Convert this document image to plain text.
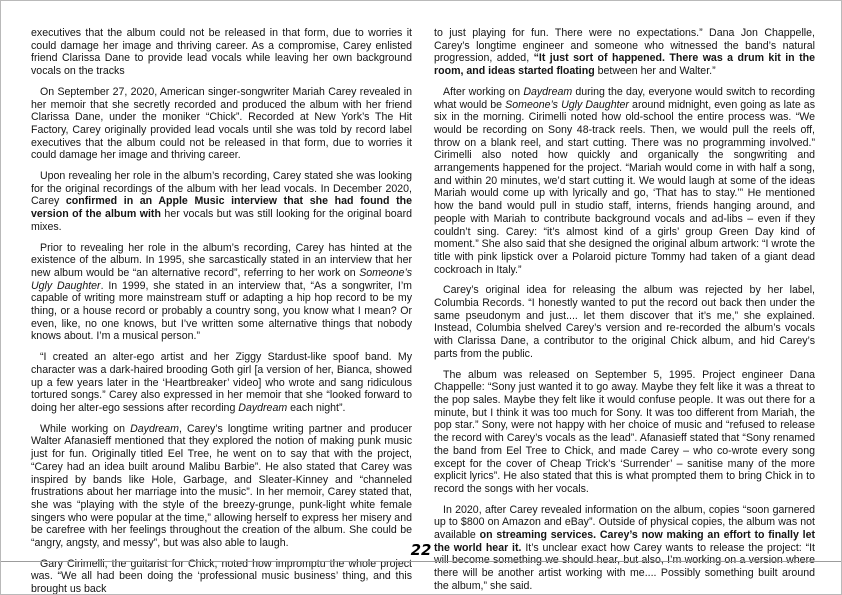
executives that the album could not be released in that form, due to worries it could damage her image and thriving career. As a compromise, Carey enlisted friend Clarissa Dane to provide lead vocals while leaving her own background vocals on the tracks

On September 27, 2020, American singer-songwriter Mariah Carey revealed in her memoir that she secretly recorded and produced the album with her friend Clarissa Dane, under the moniker “Chick”. Recorded at New York’s The Hit Factory, Carey originally provided lead vocals until she was told by record label executives that the album could not be released in that form, due to worries it could damage her image and thriving career.

Upon revealing her role in the album’s recording, Carey stated she was looking for the original recordings of the album with her lead vocals. In December 2020, Carey confirmed in an Apple Music interview that she had found the version of the album with her vocals but was still looking for the original board mixes.

Prior to revealing her role in the album’s recording, Carey has hinted at the existence of the album. In 1995, she sarcastically stated in an interview that her new album would be “an alternative record”, referring to her work on Someone’s Ugly Daughter. In 1999, she stated in an interview that, “As a songwriter, I’m capable of writing more mainstream stuff or adapting a hip hop record to be my thing, or a house record or probably a country song, you know what I mean? Or even, like, no one knows, but I’ve written some alternative things that nobody knows about. I’m a musical person.”

“I created an alter-ego artist and her Ziggy Stardust-like spoof band. My character was a dark-haired brooding Goth girl [a version of her, Bianca, showed up a few years later in the ‘Heartbreaker’ video] who wrote and sang ridiculous tortured songs.” Carey also expressed in her memoir that she “looked forward to doing her alter-ego sessions after recording Daydream each night”.

While working on Daydream, Carey’s longtime writing partner and producer Walter Afanasieff mentioned that they explored the notion of making punk music just for fun. Originally titled Eel Tree, he went on to say that with the project, “Carey had an idea built around Malibu Barbie”. He also stated that Carey was inspired by bands like Hole, Garbage, and Sleater-Kinney and “channeled frustrations about her marriage into the music”. In her memoir, Carey stated that, she was “playing with the style of the breezy-grunge, punk-light white female singers who were popular at the time,” allowing herself to express her misery and be carefree with her feelings throughout the creation of the album. She could be “angry, angsty, and messy”, but was also able to laugh.

Gary Cirimelli, the guitarist for Chick, noted how impromptu the whole project was. “We all had been doing the ‘professional music business’ thing, and this brought us back

to just playing for fun. There were no expectations.” Dana Jon Chappelle, Carey’s longtime engineer and someone who witnessed the band’s natural progression, added, “It just sort of happened. There was a drum kit in the room, and ideas started floating between her and Walter.”

After working on Daydream during the day, everyone would switch to recording what would be Someone’s Ugly Daughter around midnight, even going as late as six in the morning. Cirimelli noted how old-school the entire process was. “We would be recording on Sony 48-track reels. Then, we would pull the reels off, throw on a blank reel, and start cutting. There was no programming involved.” Cirimelli also noted how quickly and organically the songwriting and arrangements happened for the project. “Mariah would come in with half a song, and within 20 minutes, we’d start cutting it. We would laugh at some of the ideas Mariah would come up with lyrically and go, ‘That has to stay.’” He mentioned how the band would pull in studio staff, interns, friends hanging around, and people with Mariah to contribute background vocals and ad-libs – even if they couldn’t sing. Carey: “it’s almost kind of a girls’ group Green Day kind of moment.” She also said that she designed the original album artwork: “I wrote the title with pink lipstick over a Polaroid picture Tommy had taken of a giant dead cockroach in Italy.”

Carey’s original idea for releasing the album was rejected by her label, Columbia Records. “I honestly wanted to put the record out back then under the same pseudonym and just.... let them discover that it’s me,” she explained. Instead, Columbia shelved Carey’s version and re-recorded the album’s vocals with Clarissa Dane, a contributor to the original Chick album, and hid Carey’s parts from the public.

The album was released on September 5, 1995. Project engineer Dana Chappelle: “Sony just wanted it to go away. Maybe they felt like it was a threat to the pop sales. Maybe they felt like it would confuse people. It was out there for a minute, but I think it was too much for Sony. It was too different from Mariah, the pop star.” Sony, were not happy with her choice of music and “refused to release the record with Carey’s vocals as the lead”. Afanasieff stated that “Sony renamed the band from Eel Tree to Chick, and made Carey – who co-wrote every song except for the cover of Cheap Trick’s ‘Surrender’ – sanitise many of the more explicit lyrics”. He also stated that this is what prompted them to bring Chick in to record the songs with her vocals.

In 2020, after Carey revealed information on the album, copies “soon garnered up to $800 on Amazon and eBay”. Outside of physical copies, the album was not available on streaming services. Carey’s now making an effort to finally let the world hear it. It’s unclear exact how Carey wants to release the project: “It will become something we should hear, but also, I’m working on a version where there will be another artist working with me.... Possibly something built around the album,” she said.

22
